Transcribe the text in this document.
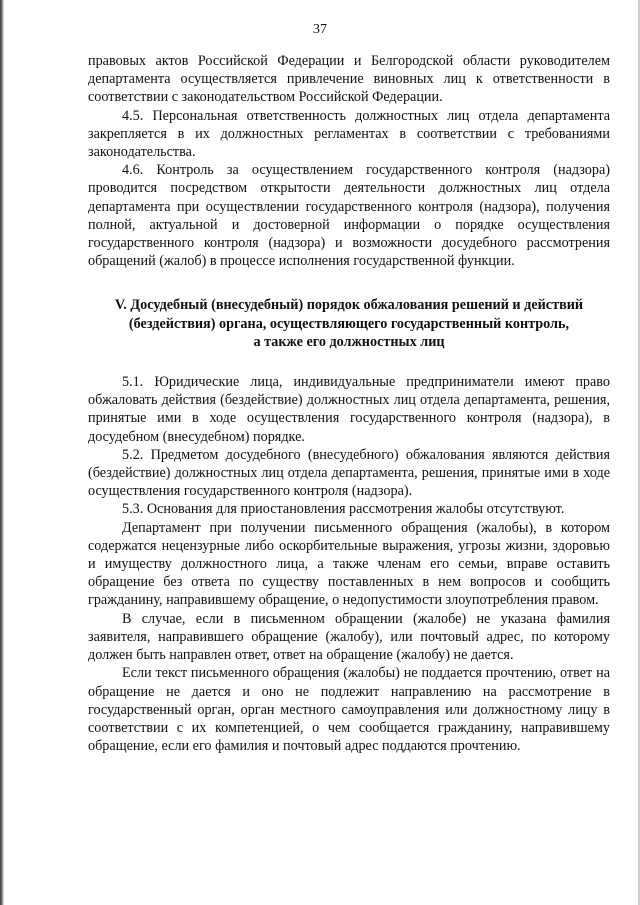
37

правовых актов Российской Федерации и Белгородской области руководителем департамента осуществляется привлечение виновных лиц к ответственности в соответствии с законодательством Российской Федерации.

4.5. Персональная ответственность должностных лиц отдела департамента закрепляется в их должностных регламентах в соответствии с требованиями законодательства.

4.6. Контроль за осуществлением государственного контроля (надзора) проводится посредством открытости деятельности должностных лиц отдела департамента при осуществлении государственного контроля (надзора), получения полной, актуальной и достоверной информации о порядке осуществления государственного контроля (надзора) и возможности досудебного рассмотрения обращений (жалоб) в процессе исполнения государственной функции.

V. Досудебный (внесудебный) порядок обжалования решений и действий

(бездействия) органа, осуществляющего государственный контроль,

а также его должностных лиц

5.1. Юридические лица, индивидуальные предприниматели имеют право обжаловать действия (бездействие) должностных лиц отдела департамента, решения, принятые ими в ходе осуществления государственного контроля (надзора), в досудебном (внесудебном) порядке.

5.2. Предметом досудебного (внесудебного) обжалования являются действия (бездействие) должностных лиц отдела департамента, решения, принятые ими в ходе осуществления государственного контроля (надзора).

5.3. Основания для приостановления рассмотрения жалобы отсутствуют.

Департамент при получении письменного обращения (жалобы), в котором содержатся нецензурные либо оскорбительные выражения, угрозы жизни, здоровью и имуществу должностного лица, а также членам его семьи, вправе оставить обращение без ответа по существу поставленных в нем вопросов и сообщить гражданину, направившему обращение, о недопустимости злоупотребления правом.

В случае, если в письменном обращении (жалобе) не указана фамилия заявителя, направившего обращение (жалобу), или почтовый адрес, по которому должен быть направлен ответ, ответ на обращение (жалобу) не дается.

Если текст письменного обращения (жалобы) не поддается прочтению, ответ на обращение не дается и оно не подлежит направлению на рассмотрение в государственный орган, орган местного самоуправления или должностному лицу в соответствии с их компетенцией, о чем сообщается гражданину, направившему обращение, если его фамилия и почтовый адрес поддаются прочтению.
